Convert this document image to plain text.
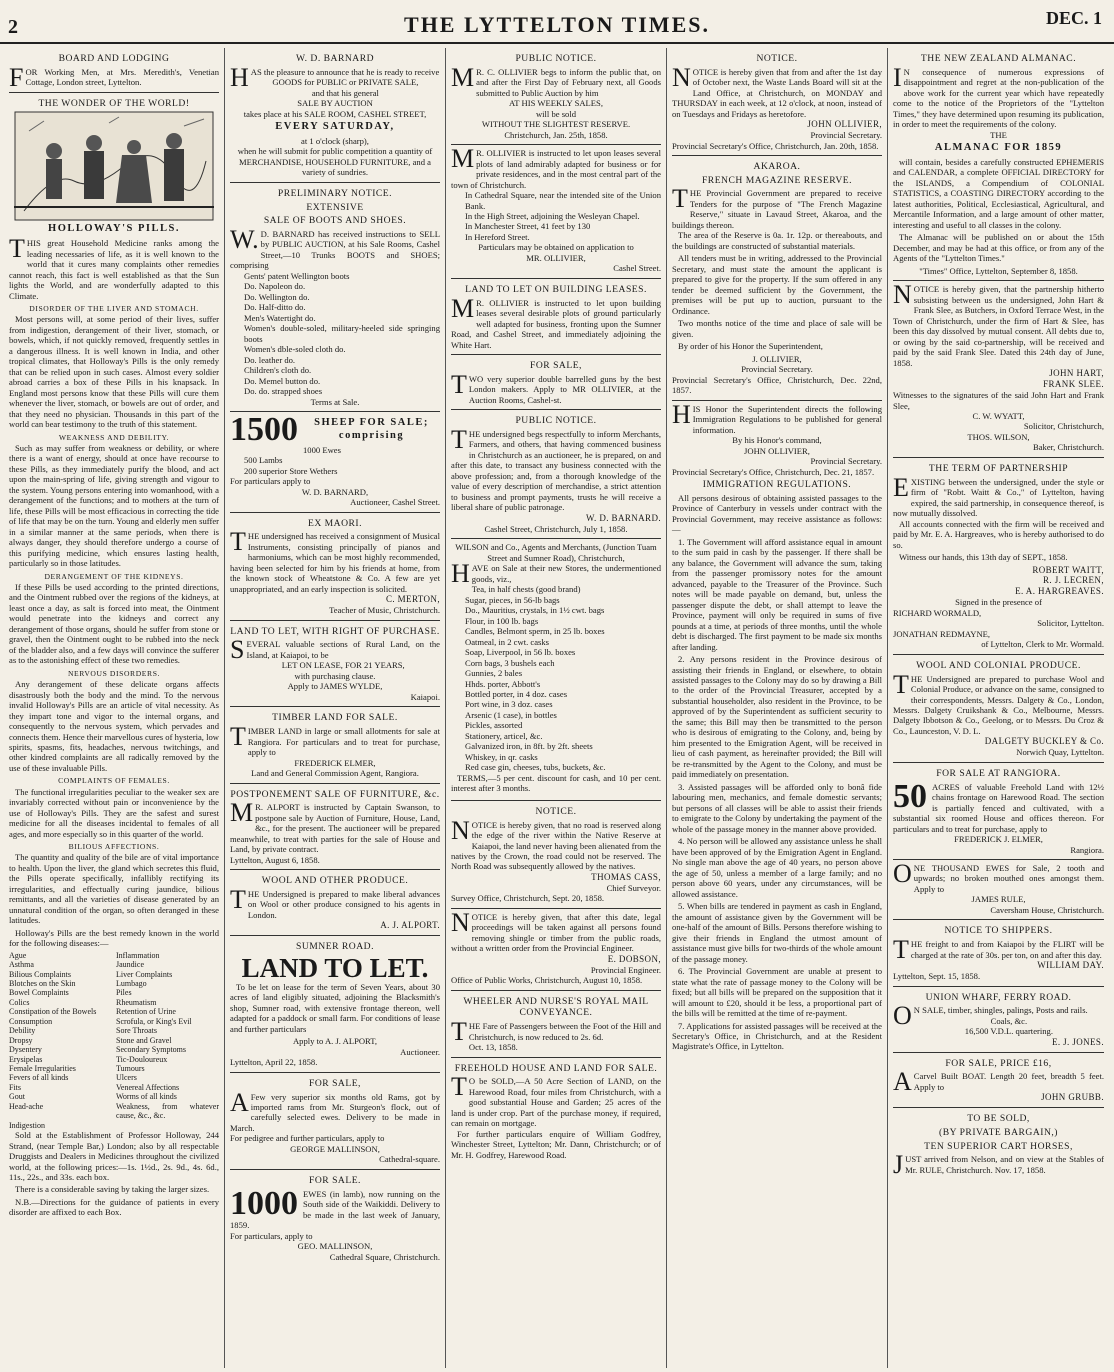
2	THE LYTTELTON TIMES.	DEC. 1
BOARD AND LODGING

FOR Working Men, at Mrs. Meredith's, Venetian Cottage, London street, Lyttelton.

THE WONDER OF THE WORLD!
HOLLOWAY'S PILLS.

THIS great Household Medicine ranks among the leading necessaries of life, as it is well known to the world that it cures many complaints other remedies cannot reach, this fact is well established as that the Sun lights the World, and are wonderfully adapted to this Climate.

DISORDER OF THE LIVER AND STOMACH.

Most persons will, at some period of their lives, suffer from indigestion, derangement of their liver, stomach, or bowels, which, if not quickly removed, frequently settles in a dangerous illness. It is well known in India, and other tropical climates, that Holloway's Pills is the only remedy that can be relied upon in such cases. Almost every soldier abroad carries a box of these Pills in his knapsack. In England most persons know that these Pills will cure them whenever the liver, stomach, or bowels are out of order, and that they need no physician. Thousands in this part of the world can bear testimony to the truth of this statement.

WEAKNESS AND DEBILITY.

Such as may suffer from weakness or debility, or where there is a want of energy, should at once have recourse to these Pills, as they immediately purify the blood, and act upon the main-spring of life, giving strength and vigour to the system. Young persons entering into womanhood, with a derangement of the functions; and to mothers at the turn of life, these Pills will be most efficacious in correcting the tide of life that may be on the turn. Young and elderly men suffer in a similar manner at the same periods, when there is always danger, they should therefore undergo a course of this purifying medicine, which ensures lasting health, particularly so in those latitudes.

DERANGEMENT OF THE KIDNEYS.

If these Pills be used according to the printed directions, and the Ointment rubbed over the regions of the kidneys, at least once a day, as salt is forced into meat, the Ointment would penetrate into the kidneys and correct any derangement of those organs, should he suffer from stone or gravel, then the Ointment ought to be rubbed into the neck of the bladder also, and a few days will convince the sufferer as to the astonishing effect of these two remedies.

NERVOUS DISORDERS.

Any derangement of these delicate organs affects disastrously both the body and the mind. To the nervous invalid Holloway's Pills are an article of vital necessity. As they impart tone and vigor to the internal organs, and consequently to the nervous system, which pervades and connects them. Hence their marvellous cures of hysteria, low spirits, spasms, fits, headaches, nervous twitchings, and other kindred complaints are all radically removed by the use of these invaluable Pills.

COMPLAINTS OF FEMALES.

The functional irregularities peculiar to the weaker sex are invariably corrected without pain or inconvenience by the use of Holloway's Pills. They are the safest and surest medicine for all the diseases incidental to females of all ages, and more especially so in this quarter of the world.

BILIOUS AFFECTIONS.

The quantity and quality of the bile are of vital importance to health. Upon the liver, the gland which secretes this fluid, the Pills operate specifically, infallibly rectifying its irregularities, and effectually curing jaundice, bilious remittants, and all the varieties of disease generated by an unnatural condition of the organ, so often deranged in these latitudes.

Holloway's Pills are the best remedy known in the world for the following diseases:—

Ague	Inflammation
Asthma	Jaundice
Bilious Complaints	Liver Complaints
Blotches on the Skin	Lumbago
Bowel Complaints	Piles
Colics	Rheumatism
Constipation of the Bowels	Retention of Urine
Consumption	Scrofula, or King's Evil
Debility	Sore Throats
Dropsy	Stone and Gravel
Dysentery	Secondary Symptoms
Erysipelas	Tic-Douloureux
Female Irregularities	Tumours
Fevers of all kinds	Ulcers
Fits	Venereal Affections
Gout	Worms of all kinds
Head-ache	Weakness, from whatever cause, &c., &c.
Indigestion

Sold at the Establishment of Professor Holloway, 244 Strand, (near Temple Bar,) London; also by all respectable Druggists and Dealers in Medicines throughout the civilized world, at the following prices:—1s. 1½d., 2s. 9d., 4s. 6d., 11s., 22s., and 33s. each box.

There is a considerable saving by taking the larger sizes.

N.B.—Directions for the guidance of patients in every disorder are affixed to each Box.

W. D. BARNARD

HAS the pleasure to announce that he is ready to receive

GOODS for PUBLIC or PRIVATE SALE,

and that his general

SALE BY AUCTION

takes place at his SALE ROOM, CASHEL STREET,

EVERY SATURDAY,

at 1 o'clock (sharp),

when he will submit for public competition a quantity of

MERCHANDISE, HOUSEHOLD FURNITURE, and a variety of sundries.

PRELIMINARY NOTICE.
EXTENSIVE
SALE OF BOOTS AND SHOES.

W.D. BARNARD has received instructions to SELL by PUBLIC AUCTION, at his Sale Rooms, Cashel Street,—10 Trunks BOOTS and SHOES; comprising

Gents' patent Wellington boots
Do. Napoleon do.
Do. Wellington do.
Do. Half-ditto do.
Men's Watertight do.
Women's double-soled, military-heeled side springing boots
Women's dble-soled cloth do.
Do. leather do.
Children's cloth do.
Do. Memel button do.
Do. do. strapped shoes

Terms at Sale.

1500	SHEEP FOR SALE; comprising

1000 Ewes
500 Lambs
200 superior Store Wethers

For particulars apply to

W. D. BARNARD,

Auctioneer, Cashel Street.

EX MAORI.

THE undersigned has received a consignment of Musical Instruments, consisting principally of pianos and harmoniums, which can be most highly recommended, having been selected for him by his friends at home, from the known stock of Wheatstone & Co. A few are yet unappropriated, and an early inspection is solicited.

C. MERTON,

Teacher of Music, Christchurch.

LAND TO LET, WITH RIGHT OF PURCHASE.

SEVERAL valuable sections of Rural Land, on the Island, at Kaiapoi, to be

LET ON LEASE, FOR 21 YEARS,

with purchasing clause.

Apply to JAMES WYLDE,

Kaiapoi.

TIMBER LAND FOR SALE.

TIMBER LAND in large or small allotments for sale at Rangiora. For particulars and to treat for purchase, apply to

FREDERICK ELMER,

Land and General Commission Agent, Rangiora.

POSTPONEMENT SALE OF FURNITURE, &c.

MR. ALPORT is instructed by Captain Swanson, to postpone sale by Auction of Furniture, House, Land, &c., for the present. The auctioneer will be prepared meanwhile, to treat with parties for the sale of House and Land, by private contract.

Lyttelton, August 6, 1858.

WOOL AND OTHER PRODUCE.

THE Undersigned is prepared to make liberal advances on Wool or other produce consigned to his agents in London.

A. J. ALPORT.

SUMNER ROAD.

LAND TO LET.

To be let on lease for the term of Seven Years, about 30 acres of land eligibly situated, adjoining the Blacksmith's shop, Sumner road, with extensive frontage thereon, well adapted for a paddock or small farm. For conditions of lease and further particulars

Apply to A. J. ALPORT,

Auctioneer.

Lyttelton, April 22, 1858.

FOR SALE,

AFew very superior six months old Rams, got by imported rams from Mr. Sturgeon's flock, out of carefully selected ewes. Delivery to be made in March.

For pedigree and further particulars, apply to

GEORGE MALLINSON,

Cathedral-square.

FOR SALE.
1000 EWES (in lamb), now running on the South side of the Waikiddi. Delivery to be made in the last week of January, 1859.

For particulars, apply to

GEO. MALLINSON,

Cathedral Square, Christchurch.

PUBLIC NOTICE.

MR. C. OLLIVIER begs to inform the public that, on and after the First Day of February next, all Goods submitted to Public Auction by him

AT HIS WEEKLY SALES,

will be sold

WITHOUT THE SLIGHTEST RESERVE.

Christchurch, Jan. 25th, 1858.

MR. OLLIVIER is instructed to let upon leases several plots of land admirably adapted for business or for private residences, and in the most central part of the town of Christchurch.

In Cathedral Square, near the intended site of the Union Bank.
In the High Street, adjoining the Wesleyan Chapel.
In Manchester Street, 41 feet by 130
In Hereford Street.

Particulars may be obtained on application to

MR. OLLIVIER,

Cashel Street.

LAND TO LET ON BUILDING LEASES.

MR. OLLIVIER is instructed to let upon building leases several desirable plots of ground particularly well adapted for business, fronting upon the Sumner Road, and Cashel Street, and immediately adjoining the White Hart.

FOR SALE,

TWO very superior double barrelled guns by the best London makers. Apply to MR OLLIVIER, at the Auction Rooms, Cashel-st.

PUBLIC NOTICE.

THE undersigned begs respectfully to inform Merchants, Farmers, and others, that having commenced business in Christchurch as an auctioneer, he is prepared, on and after this date, to transact any business connected with the above profession; and, from a thorough knowledge of the value of every description of merchandise, a strict attention to business and prompt payments, trusts he will receive a liberal share of public patronage.

W. D. BARNARD.

Cashel Street, Christchurch, July 1, 1858.

WILSON and Co., Agents and Merchants, (Junction Tuam Street and Sumner Road), Christchurch,

HAVE on Sale at their new Stores, the undermentioned goods, viz.,

Tea, in half chests (good brand)
Sugar, pieces, in 56-lb bags
Do., Mauritius, crystals, in 1½ cwt. bags
Flour, in 100 lb. bags
Candles, Belmont sperm, in 25 lb. boxes
Oatmeal, in 2 cwt. casks
Soap, Liverpool, in 56 lb. boxes
Corn bags, 3 bushels each
Gunnies, 2 bales
Hhds. porter, Abbott's
Bottled porter, in 4 doz. cases
Port wine, in 3 doz. cases
Arsenic (1 case), in bottles
Pickles, assorted
Stationery, articel, &c.
Galvanized iron, in 8ft. by 2ft. sheets
Whiskey, in qr. casks
Red case gin, cheeses, tubs, buckets, &c.

TERMS,—5 per cent. discount for cash, and 10 per cent. interest after 3 months.

NOTICE.

NOTICE is hereby given, that no road is reserved along the edge of the river within the Native Reserve at Kaiapoi, the land never having been alienated from the natives by the Crown, the road could not be reserved. The North Road was subsequently allowed by the natives.

THOMAS CASS,

Chief Surveyor.

Survey Office, Christchurch, Sept. 20, 1858.

NOTICE is hereby given, that after this date, legal proceedings will be taken against all persons found removing shingle or timber from the public roads, without a written order from the Provincial Engineer.

E. DOBSON,

Provincial Engineer.

Office of Public Works, Christchurch, August 10, 1858.

WHEELER AND NURSE'S ROYAL MAIL CONVEYANCE.

THE Fare of Passengers between the Foot of the Hill and Christchurch, is now reduced to 2s. 6d.

Oct. 13, 1858.

FREEHOLD HOUSE AND LAND FOR SALE.

TO be SOLD,—A 50 Acre Section of LAND, on the Harewood Road, four miles from Christchurch, with a good substantial House and Garden; 25 acres of the land is under crop. Part of the purchase money, if required, can remain on mortgage.

For further particulars enquire of William Godfrey, Winchester Street, Lyttelton; Mr. Dann, Christchurch; or of Mr. H. Godfrey, Harewood Road.

NOTICE.

NOTICE is hereby given that from and after the 1st day of October next, the Waste Lands Board will sit at the Land Office, at Christchurch, on MONDAY and THURSDAY in each week, at 12 o'clock, at noon, instead of on Tuesdays and Fridays as heretofore.

JOHN OLLIVIER,

Provincial Secretary.

Provincial Secretary's Office, Christchurch, Jan. 20th, 1858.

AKAROA.
FRENCH MAGAZINE RESERVE.

THE Provincial Government are prepared to receive Tenders for the purpose of "The French Magazine Reserve," situate in Lavaud Street, Akaroa, and the buildings thereon.

The area of the Reserve is 0a. 1r. 12p. or thereabouts, and the buildings are constructed of substantial materials.

All tenders must be in writing, addressed to the Provincial Secretary, and must state the amount the applicant is prepared to give for the property. If the sum offered in any tender be deemed sufficient by the Government, the premises will be put up to auction, pursuant to the Ordinance.

Two months notice of the time and place of sale will be given.

By order of his Honor the Superintendent,

J. OLLIVIER,

Provincial Secretary.

Provincial Secretary's Office, Christchurch, Dec. 22nd, 1857.

HIS Honor the Superintendent directs the following Immigration Regulations to be published for general information.

By his Honor's command,

JOHN OLLIVIER,

Provincial Secretary.

Provincial Secretary's Office, Christchurch, Dec. 21, 1857.

IMMIGRATION REGULATIONS.

All persons desirous of obtaining assisted passages to the Province of Canterbury in vessels under contract with the Provincial Government, may receive assistance as follows:—

1. The Government will afford assistance equal in amount to the sum paid in cash by the passenger. If there shall be any balance, the Government will advance the sum, taking from the passenger promissory notes for the amount advanced, payable to the Treasurer of the Province. Such notes will be made payable on demand, but, unless the passenger dispute the debt, or shall attempt to leave the Province, payment will only be required in sums of five pounds at a time, at periods of three months, until the whole debt is discharged. The first payment to be made six months after landing.

2. Any persons resident in the Province desirous of assisting their friends in England, or elsewhere, to obtain assisted passages to the Colony may do so by drawing a Bill to the order of the Provincial Treasurer, accepted by a substantial householder, also resident in the Province, to be approved of by the Superintendent as sufficient security to the same; this Bill may then be transmitted to the person who is desirous of emigrating to the Colony, and, being by him presented to the Emigration Agent, will be received in lieu of cash payment, as hereinafter provided; the Bill will be re-transmitted by the Agent to the Colony, and must be paid immediately on presentation.

3. Assisted passages will be afforded only to bonâ fide labouring men, mechanics, and female domestic servants; but persons of all classes will be able to assist their friends to emigrate to the Colony by undertaking the payment of the whole of the passage money in the manner above provided.

4. No person will be allowed any assistance unless he shall have been approved of by the Emigration Agent in England. No single man above the age of 40 years, no person above the age of 50, unless a member of a large family; and no person above 60 years, under any circumstances, will be allowed assistance.

5. When bills are tendered in payment as cash in England, the amount of assistance given by the Government will be one-half of the amount of Bills. Persons therefore wishing to give their friends in England the utmost amount of assistance must give bills for two-thirds of the whole amount of the passage money.

6. The Provincial Government are unable at present to state what the rate of passage money to the Colony will be fixed; but all bills will be prepared on the supposition that it will amount to £20, should it be less, a proportional part of the bills will be remitted at the time of re-payment.

7. Applications for assisted passages will be received at the Secretary's Office, in Christchurch, and at the Resident Magistrate's Office, in Lyttelton.

THE NEW ZEALAND ALMANAC.

IN consequence of numerous expressions of disappointment and regret at the non-publication of the above work for the current year which have repeatedly come to the notice of the Proprietors of the "Lyttelton Times," they have determined upon resuming its publication, in order to meet the requirements of the colony.

THE

ALMANAC FOR 1859

will contain, besides a carefully constructed EPHEMERIS and CALENDAR, a complete OFFICIAL DIRECTORY for the ISLANDS, a Compendium of COLONIAL STATISTICS, a COASTING DIRECTORY according to the latest authorities, Political, Ecclesiastical, Agricultural, and Mercantile Information, and a large amount of other matter, interesting and useful to all classes in the colony.

The Almanac will be published on or about the 15th December, and may be had at this office, or from any of the Agents of the "Lyttelton Times."

"Times" Office, Lyttelton, September 8, 1858.

NOTICE is hereby given, that the partnership hitherto subsisting between us the undersigned, John Hart & Frank Slee, as Butchers, in Oxford Terrace West, in the Town of Christchurch, under the firm of Hart & Slee, has been this day dissolved by mutual consent. All debts due to, or owing by the said co-partnership, will be received and paid by the said Frank Slee. Dated this 24th day of June, 1858.

JOHN HART,

FRANK SLEE.

Witnesses to the signatures of the said John Hart and Frank Slee,

C. W. WYATT,

Solicitor, Christchurch,

THOS. WILSON,

Baker, Christchurch.

THE TERM OF PARTNERSHIP

EXISTING between the undersigned, under the style or firm of "Robt. Waitt & Co.," of Lyttelton, having expired, the said partnership, in consequence thereof, is now mutually dissolved.

All accounts connected with the firm will be received and paid by Mr. E. A. Hargreaves, who is hereby authorised to do so.

Witness our hands, this 13th day of SEPT., 1858.

ROBERT WAITT,

R. J. LECREN,

E. A. HARGREAVES.

Signed in the presence of

RICHARD WORMALD,

Solicitor, Lyttelton.

JONATHAN REDMAYNE,

of Lyttelton, Clerk to Mr. Wormald.

WOOL AND COLONIAL PRODUCE.

THE Undersigned are prepared to purchase Wool and Colonial Produce, or advance on the same, consigned to their correspondents, Messrs. Dalgety & Co., London, Messrs. Dalgety Cruikshank & Co., Melbourne, Messrs. Dalgety Ibbotson & Co., Geelong, or to Messrs. Du Croz & Co., Launceston, V. D. L.

DALGETY BUCKLEY & Co.

Norwich Quay, Lyttelton.

FOR SALE AT RANGIORA.
50 ACRES of valuable Freehold Land with 12½ chains frontage on Harewood Road. The section is partially fenced and cultivated, with a substantial six roomed House and offices thereon. For particulars and to treat for purchase, apply to

FREDERICK J. ELMER,

Rangiora.

ONE THOUSAND EWES for Sale, 2 tooth and upwards; no broken mouthed ones amongst them. Apply to

JAMES RULE,

Caversham House, Christchurch.

NOTICE TO SHIPPERS.

THE freight to and from Kaiapoi by the FLIRT will be charged at the rate of 30s. per ton, on and after this day.

WILLIAM DAY.

Lyttelton, Sept. 15, 1858.

UNION WHARF, FERRY ROAD.

ON SALE, timber, shingles, palings, Posts and rails.

Coals, &c.

16,500 V.D.L. quartering.

E. J. JONES.

FOR SALE, PRICE £16,

ACarvel Built BOAT. Length 20 feet, breadth 5 feet. Apply to

JOHN GRUBB.

TO BE SOLD,
(BY PRIVATE BARGAIN,)
TEN SUPERIOR CART HORSES,

JUST arrived from Nelson, and on view at the Stables of Mr. RULE, Christchurch. Nov. 17, 1858.
